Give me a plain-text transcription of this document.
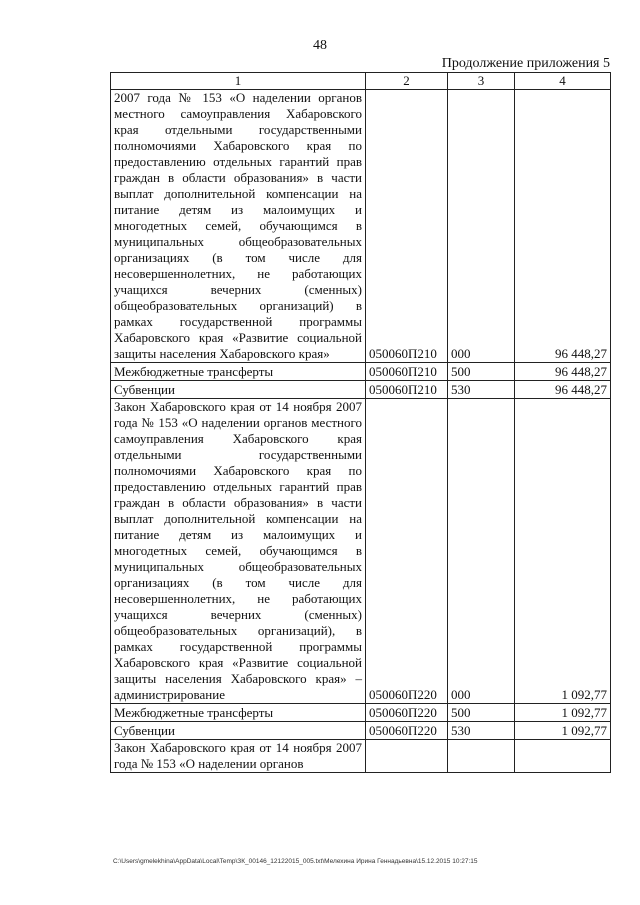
48
Продолжение приложения 5
1	2	3	4
2007 года № 153 «О наделении органов местного самоуправления Хабаровского края отдельными государственными полномочиями Хабаровского края по предоставлению отдельных гарантий прав граждан в области образования» в части выплат дополнительной компенсации на питание детям из малоимущих и многодетных семей, обучающимся в муниципальных общеобразовательных организациях (в том числе для несовершеннолетних, не работающих учащихся вечерних (сменных) общеобразовательных организаций) в рамках государственной программы Хабаровского края «Развитие социальной защиты населения Хабаровского края»	050060П210	000	96 448,27
Межбюджетные трансферты	050060П210	500	96 448,27
Субвенции	050060П210	530	96 448,27
Закон Хабаровского края от 14 ноября 2007 года № 153 «О наделении органов местного самоуправления Хабаровского края отдельными государственными полномочиями Хабаровского края по предоставлению отдельных гарантий прав граждан в области образования» в части выплат дополнительной компенсации на питание детям из малоимущих и многодетных семей, обучающимся в муниципальных общеобразовательных организациях (в том числе для несовершеннолетних, не работающих учащихся вечерних (сменных) общеобразовательных организаций), в рамках государственной программы Хабаровского края «Развитие социальной защиты населения Хабаровского края» – администрирование	050060П220	000	1 092,77
Межбюджетные трансферты	050060П220	500	1 092,77
Субвенции	050060П220	530	1 092,77
Закон Хабаровского края от 14 ноября 2007 года № 153 «О наделении органов			
C:\Users\gmelekhina\AppData\Local\Temp\ЗК_00146_12122015_005.txt\Мелехина Ирина Геннадьевна\15.12.2015 10:27:15
